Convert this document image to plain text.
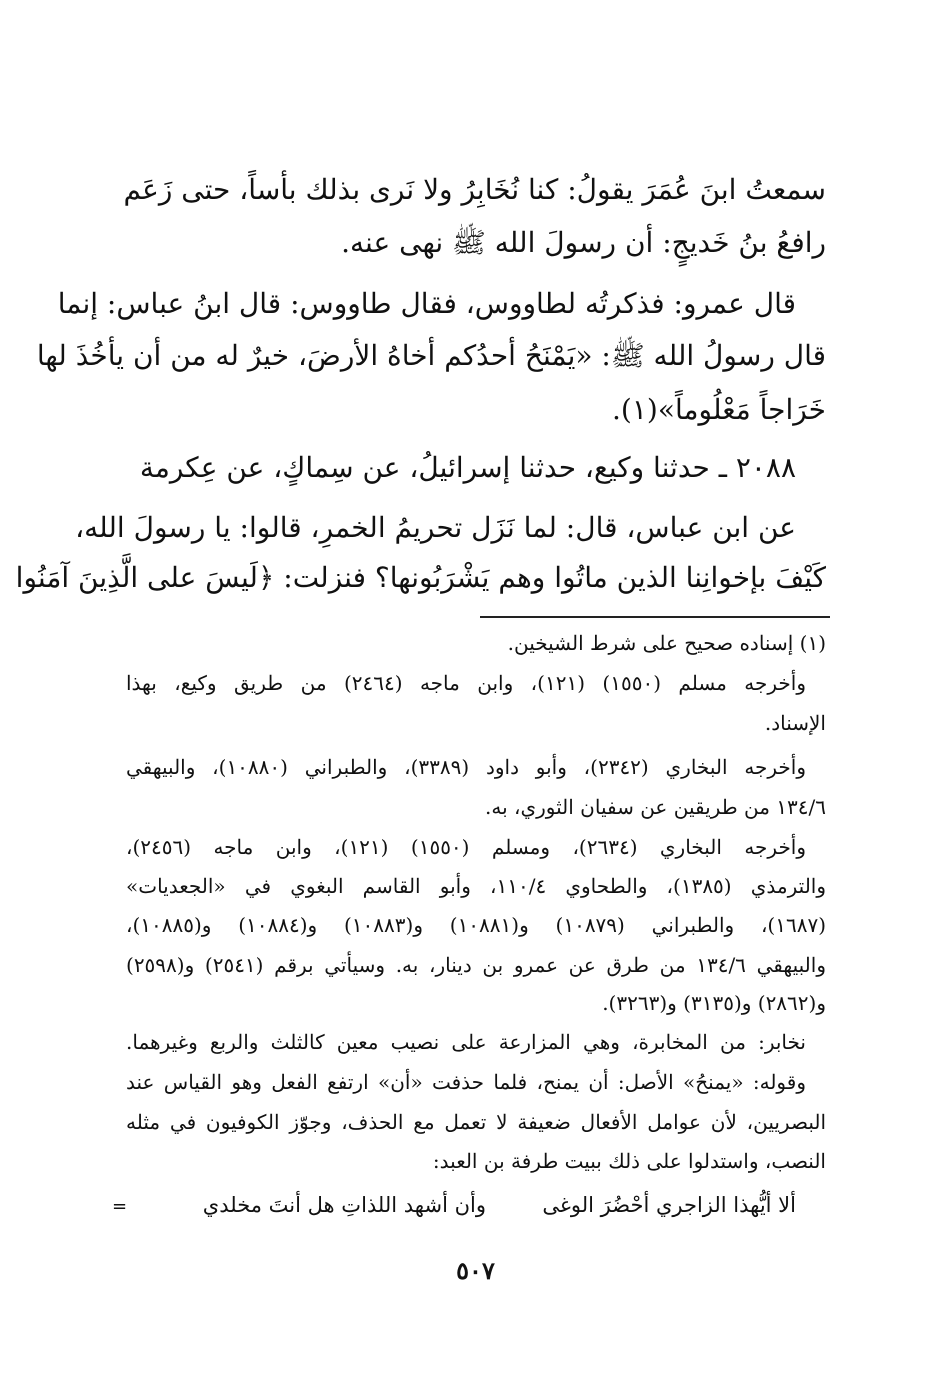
سمعتُ ابنَ عُمَرَ يقولُ: كنا نُخَابِرُ ولا نَرى بذلك بأساً، حتى زَعَم
رافعُ بنُ خَديجٍ: أن رسولَ الله ﷺ نهى عنه.
قال عمرو: فذكرتُه لطاووس، فقال طاووس: قال ابنُ عباس: إنما
قال رسولُ الله ﷺ: «يَمْنَحُ أحدُكم أخاهُ الأرضَ، خيرٌ له من أن يأخُذَ لها
خَرَاجاً مَعْلُوماً»(١).
٢٠٨٨ ـ حدثنا وكيع، حدثنا إسرائيلُ، عن سِماكٍ، عن عِكرمة
عن ابن عباس، قال: لما نَزَل تحريمُ الخمرِ، قالوا: يا رسولَ الله،
كَيْفَ بإخوانِنا الذين ماتُوا وهم يَشْرَبُونها؟ فنزلت: ﴿لَيسَ على الَّذِينَ آمَنُوا
(١) إسناده صحيح على شرط الشيخين.
وأخرجه مسلم (١٥٥٠) (١٢١)، وابن ماجه (٢٤٦٤) من طريق وكيع، بهذا
الإسناد.
وأخرجه البخاري (٢٣٤٢)، وأبو داود (٣٣٨٩)، والطبراني (١٠٨٨٠)، والبيهقي
١٣٤/٦ من طريقين عن سفيان الثوري، به.
وأخرجه البخاري (٢٦٣٤)، ومسلم (١٥٥٠) (١٢١)، وابن ماجه (٢٤٥٦)،
والترمذي (١٣٨٥)، والطحاوي ١١٠/٤، وأبو القاسم البغوي في «الجعديات»
(١٦٨٧)، والطبراني (١٠٨٧٩) و(١٠٨٨١) و(١٠٨٨٣) و(١٠٨٨٤) و(١٠٨٨٥)،
والبيهقي ١٣٤/٦ من طرق عن عمرو بن دينار، به. وسيأتي برقم (٢٥٤١) و(٢٥٩٨)
و(٢٨٦٢) و(٣١٣٥) و(٣٢٦٣).
نخابر: من المخابرة، وهي المزارعة على نصيب معين كالثلث والربع وغيرهما.
وقوله: «يمنحُ» الأصل: أن يمنح، فلما حذفت «أن» ارتفع الفعل وهو القياس عند
البصريين، لأن عوامل الأفعال ضعيفة لا تعمل مع الحذف، وجوّز الكوفيون في مثله
النصب، واستدلوا على ذلك ببيت طرفة بن العبد:
ألا أيُّهذا الزاجري أحْضُرَ الوغى
وأن أشهد اللذاتِ هل أنتَ مخلدي
=
٥٠٧
